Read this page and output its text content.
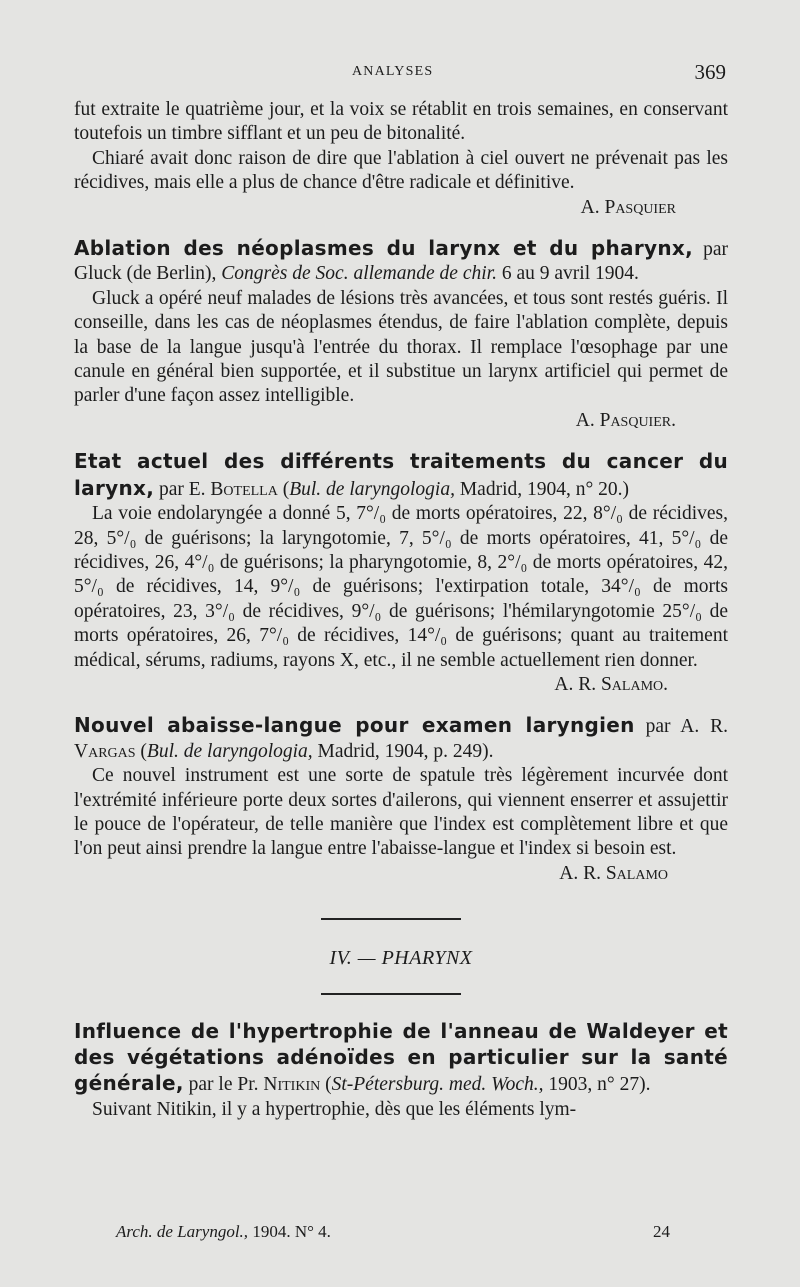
ANALYSES	369

fut extraite le quatrième jour, et la voix se rétablit en trois semaines, en conservant toutefois un timbre sifflant et un peu de bitonalité.

Chiaré avait donc raison de dire que l'ablation à ciel ouvert ne prévenait pas les récidives, mais elle a plus de chance d'être radicale et définitive.

A. Pasquier

Ablation des néoplasmes du larynx et du pharynx, par Gluck (de Berlin), Congrès de Soc. allemande de chir. 6 au 9 avril 1904.

Gluck a opéré neuf malades de lésions très avancées, et tous sont restés guéris. Il conseille, dans les cas de néoplasmes étendus, de faire l'ablation complète, depuis la base de la langue jusqu'à l'entrée du thorax. Il remplace l'œsophage par une canule en général bien supportée, et il substitue un larynx artificiel qui permet de parler d'une façon assez intelligible.

A. Pasquier.

Etat actuel des différents traitements du cancer du larynx, par E. Botella (Bul. de laryngologia, Madrid, 1904, n° 20.)

La voie endolaryngée a donné 5, 7°/₀ de morts opératoires, 22, 8°/₀ de récidives, 28, 5°/₀ de guérisons; la laryngotomie, 7, 5°/₀ de morts opératoires, 41, 5°/₀ de récidives, 26, 4°/₀ de guérisons; la pharyngotomie, 8, 2°/₀ de morts opératoires, 42, 5°/₀ de récidives, 14, 9°/₀ de guérisons; l'extirpation totale, 34°/₀ de morts opératoires, 23, 3°/₀ de récidives, 9°/₀ de guérisons; l'hémilaryngotomie 25°/₀ de morts opératoires, 26, 7°/₀ de récidives, 14°/₀ de guérisons; quant au traitement médical, sérums, radiums, rayons X, etc., il ne semble actuellement rien donner.

A. R. Salamo.

Nouvel abaisse-langue pour examen laryngien par A. R. Vargas (Bul. de laryngologia, Madrid, 1904, p. 249).

Ce nouvel instrument est une sorte de spatule très légèrement incurvée dont l'extrémité inférieure porte deux sortes d'ailerons, qui viennent enserrer et assujettir le pouce de l'opérateur, de telle manière que l'index est complètement libre et que l'on peut ainsi prendre la langue entre l'abaisse-langue et l'index si besoin est.

A. R. Salamo

IV. — PHARYNX

Influence de l'hypertrophie de l'anneau de Waldeyer et des végétations adénoïdes en particulier sur la santé générale, par le Pr. Nitikin (St-Pétersburg. med. Woch., 1903, n° 27).

Suivant Nitikin, il y a hypertrophie, dès que les éléments lym-

Arch. de Laryngol., 1904. N° 4.	24
